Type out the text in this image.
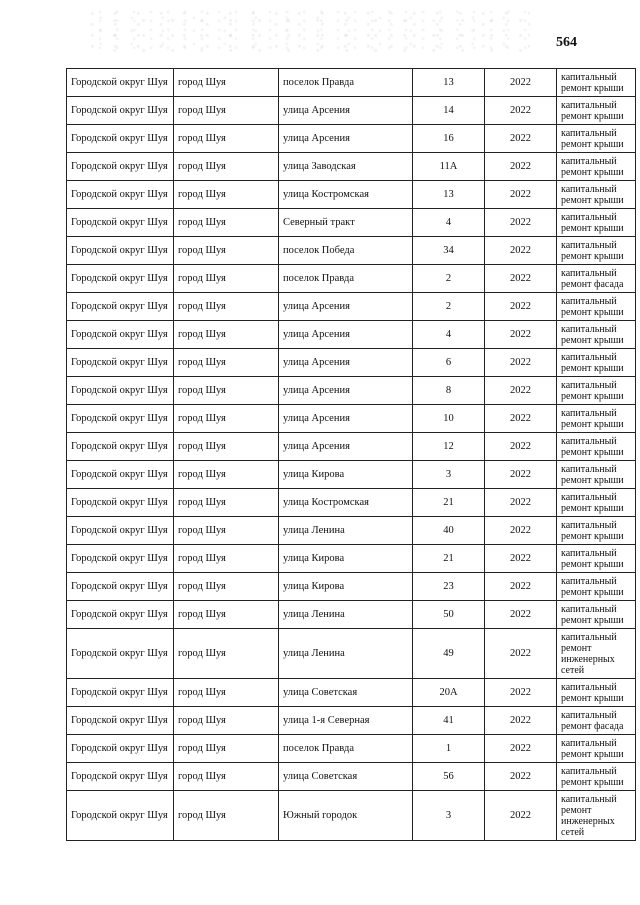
564
Городской округ Шуя	город Шуя	поселок Правда	13	2022	капитальный ремонт крыши
Городской округ Шуя	город Шуя	улица Арсения	14	2022	капитальный ремонт крыши
Городской округ Шуя	город Шуя	улица Арсения	16	2022	капитальный ремонт крыши
Городской округ Шуя	город Шуя	улица Заводская	11А	2022	капитальный ремонт крыши
Городской округ Шуя	город Шуя	улица Костромская	13	2022	капитальный ремонт крыши
Городской округ Шуя	город Шуя	Северный тракт	4	2022	капитальный ремонт крыши
Городской округ Шуя	город Шуя	поселок Победа	34	2022	капитальный ремонт крыши
Городской округ Шуя	город Шуя	поселок Правда	2	2022	капитальный ремонт фасада
Городской округ Шуя	город Шуя	улица Арсения	2	2022	капитальный ремонт крыши
Городской округ Шуя	город Шуя	улица Арсения	4	2022	капитальный ремонт крыши
Городской округ Шуя	город Шуя	улица Арсения	6	2022	капитальный ремонт крыши
Городской округ Шуя	город Шуя	улица Арсения	8	2022	капитальный ремонт крыши
Городской округ Шуя	город Шуя	улица Арсения	10	2022	капитальный ремонт крыши
Городской округ Шуя	город Шуя	улица Арсения	12	2022	капитальный ремонт крыши
Городской округ Шуя	город Шуя	улица Кирова	3	2022	капитальный ремонт крыши
Городской округ Шуя	город Шуя	улица Костромская	21	2022	капитальный ремонт крыши
Городской округ Шуя	город Шуя	улица Ленина	40	2022	капитальный ремонт крыши
Городской округ Шуя	город Шуя	улица Кирова	21	2022	капитальный ремонт крыши
Городской округ Шуя	город Шуя	улица Кирова	23	2022	капитальный ремонт крыши
Городской округ Шуя	город Шуя	улица Ленина	50	2022	капитальный ремонт крыши
Городской округ Шуя	город Шуя	улица Ленина	49	2022	капитальный ремонт инженерных сетей
Городской округ Шуя	город Шуя	улица Советская	20А	2022	капитальный ремонт крыши
Городской округ Шуя	город Шуя	улица 1-я Северная	41	2022	капитальный ремонт фасада
Городской округ Шуя	город Шуя	поселок Правда	1	2022	капитальный ремонт крыши
Городской округ Шуя	город Шуя	улица Советская	56	2022	капитальный ремонт крыши
Городской округ Шуя	город Шуя	Южный городок	3	2022	капитальный ремонт инженерных сетей
